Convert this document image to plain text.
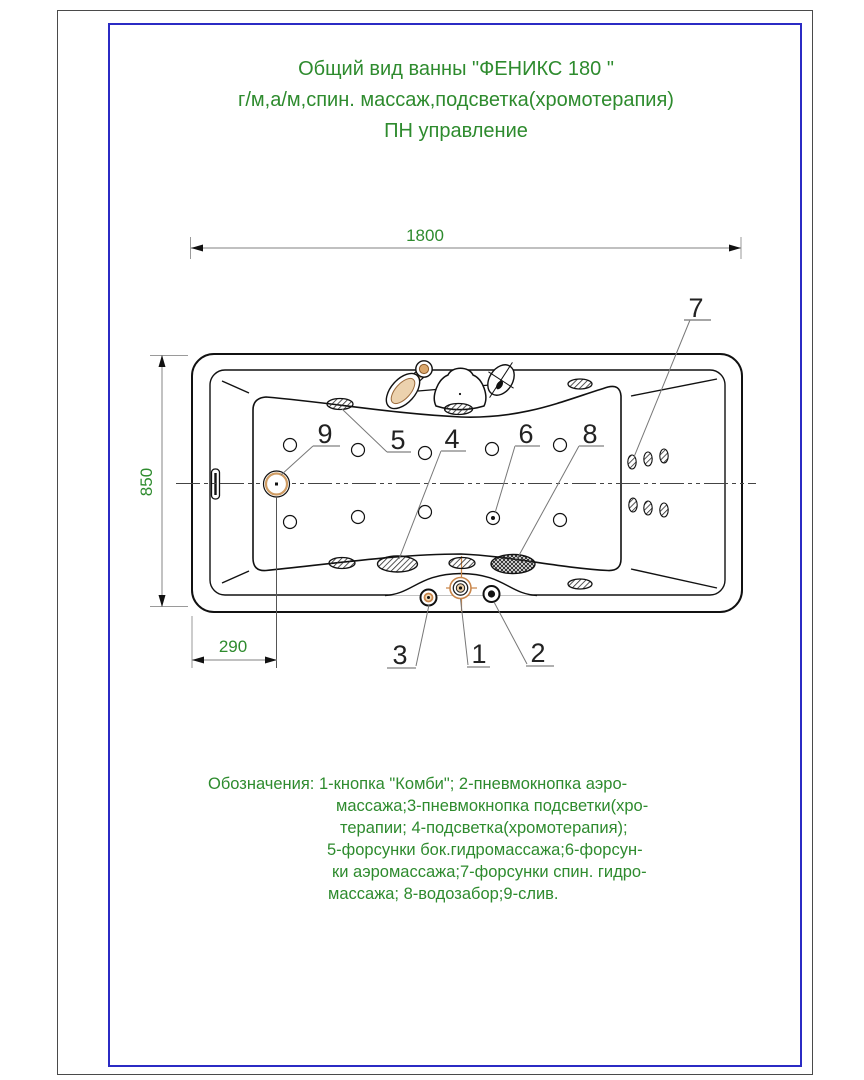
Общий вид ванны "ФЕНИКС 180 "
г/м,а/м,спин. массаж,подсветка(хромотерапия)
ПН управление
1800
850
290
9 5 4 6 8
7
3 1 2
Обозначения: 1-кнопка "Комби"; 2-пневмокнопка аэро-
массажа;3-пневмокнопка подсветки(хро-
терапии; 4-подсветка(хромотерапия);
5-форсунки бок.гидромассажа;6-форсун-
ки аэромассажа;7-форсунки спин. гидро-
массажа; 8-водозабор;9-слив.
